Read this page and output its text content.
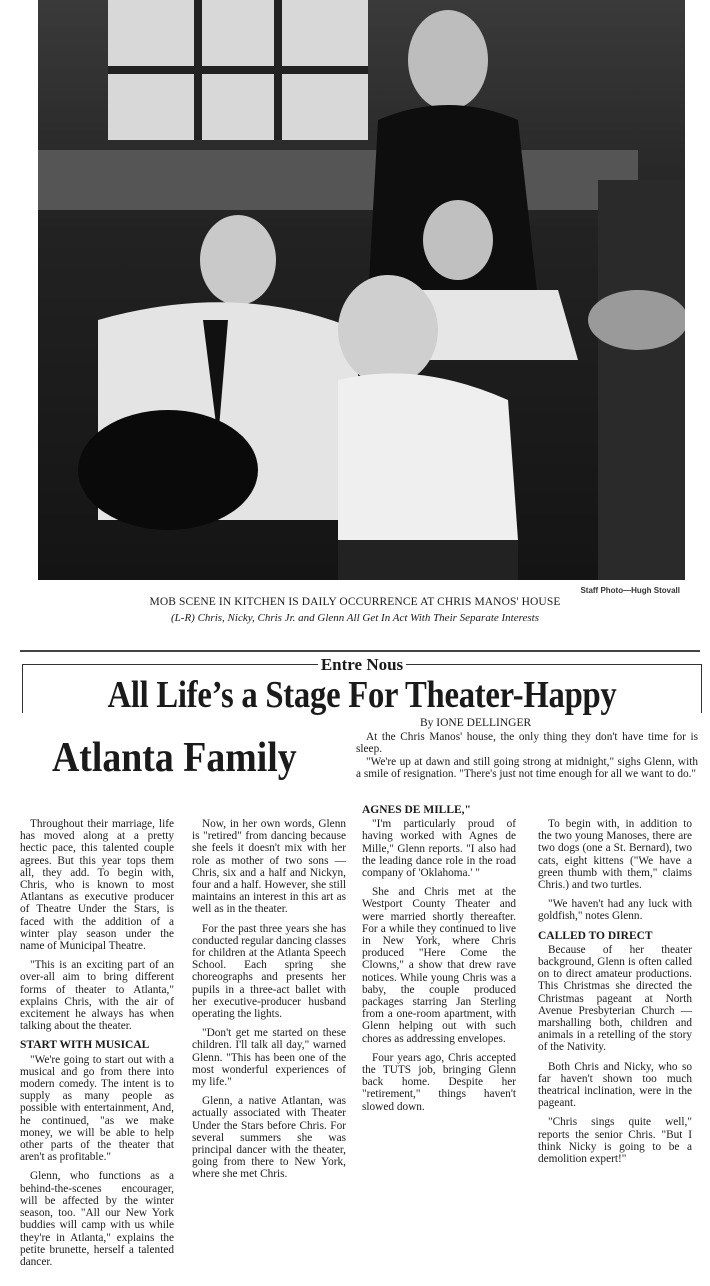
Staff Photo—Hugh Stovall
MOB SCENE IN KITCHEN IS DAILY OCCURRENCE AT CHRIS MANOS' HOUSE
(L-R) Chris, Nicky, Chris Jr. and Glenn All Get In Act With Their Separate Interests
Entre Nous
All Life’s a Stage For Theater-Happy
Atlanta Family
By IONE DELLINGER

At the Chris Manos' house, the only thing they don't have time for is sleep.

"We're up at dawn and still going strong at midnight," sighs Glenn, with a smile of resignation. "There's just not time enough for all we want to do."

Throughout their marriage, life has moved along at a pretty hectic pace, this talented couple agrees. But this year tops them all, they add. To begin with, Chris, who is known to most Atlantans as executive producer of Theatre Under the Stars, is faced with the addition of a winter play season under the name of Municipal Theatre.

"This is an exciting part of an over-all aim to bring different forms of theater to Atlanta," explains Chris, with the air of excitement he always has when talking about the theater.

START WITH MUSICAL

"We're going to start out with a musical and go from there into modern comedy. The intent is to supply as many people as possible with entertainment, And, he continued, "as we make money, we will be able to help other parts of the theater that aren't as profitable."

Glenn, who functions as a behind-the-scenes encourager, will be affected by the winter season, too. "All our New York buddies will camp with us while they're in Atlanta," explains the petite brunette, herself a talented dancer.

Now, in her own words, Glenn is "retired" from dancing because she feels it doesn't mix with her role as mother of two sons — Chris, six and a half and Nickyn, four and a half. However, she still maintains an interest in this art as well as in the theater.

For the past three years she has conducted regular dancing classes for children at the Atlanta Speech School. Each spring she choreographs and presents her pupils in a three-act ballet with her executive-producer husband operating the lights.

"Don't get me started on these children. I'll talk all day," warned Glenn. "This has been one of the most wonderful experiences of my life."

Glenn, a native Atlantan, was actually associated with Theater Under the Stars before Chris. For several summers she was principal dancer with the theater, going from there to New York, where she met Chris.

AGNES DE MILLE,"

"I'm particularly proud of having worked with Agnes de Mille," Glenn reports. "I also had the leading dance role in the road company of 'Oklahoma.' "

She and Chris met at the Westport County Theater and were married shortly thereafter. For a while they continued to live in New York, where Chris produced "Here Come the Clowns," a show that drew rave notices. While young Chris was a baby, the couple produced packages starring Jan Sterling from a one-room apartment, with Glenn helping out with such chores as addressing envelopes.

Four years ago, Chris accepted the TUTS job, bringing Glenn back home. Despite her "retirement," things haven't slowed down.

To begin with, in addition to the two young Manoses, there are two dogs (one a St. Bernard), two cats, eight kittens ("We have a green thumb with them," claims Chris.) and two turtles.

"We haven't had any luck with goldfish," notes Glenn.

CALLED TO DIRECT

Because of her theater background, Glenn is often called on to direct amateur productions. This Christmas she directed the Christmas pageant at North Avenue Presbyterian Church — marshalling both, children and animals in a retelling of the story of the Nativity.

Both Chris and Nicky, who so far haven't shown too much theatrical inclination, were in the pageant.

"Chris sings quite well," reports the senior Chris. "But I think Nicky is going to be a demolition expert!"
